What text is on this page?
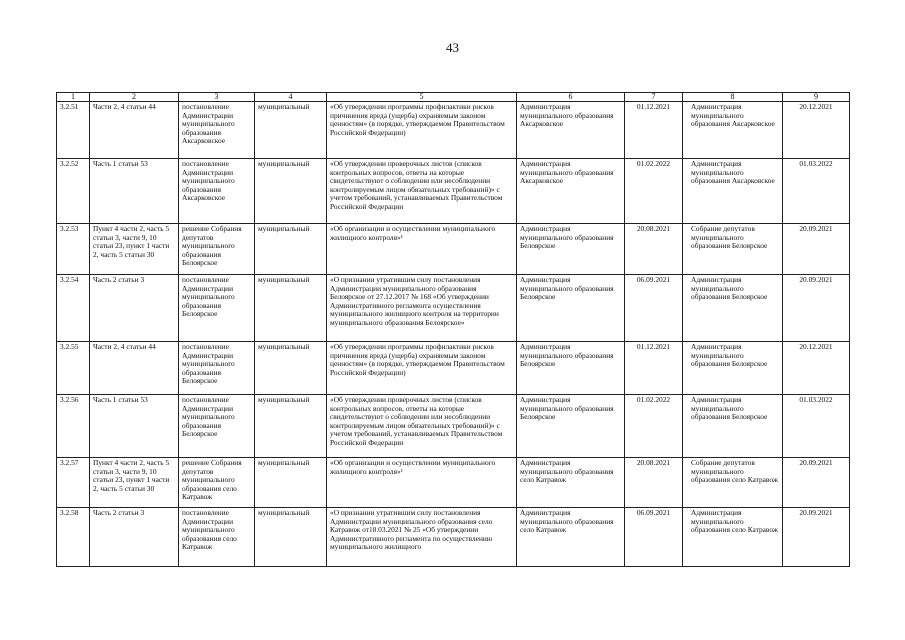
43
1	2	3	4	5	6	7	8	9
3.2.51	Части 2, 4 статьи 44	постановление Администрации муниципального образования Аксарковское	муниципальный	«Об утверждении программы профилактики рисков причинения вреда (ущерба) охраняемым законом ценностям» (в порядке, утверждаемом Правительством Российской Федерации)	Администрация муниципального образования Аксарковское	01.12.2021	Администрация муниципального образования Аксарковское	20.12.2021
3.2.52	Часть 1 статьи 53	постановление Администрации муниципального образования Аксарковское	муниципальный	«Об утверждении проверочных листов (списков контрольных вопросов, ответы на которые свидетельствуют о соблюдении или несоблюдении контролируемым лицом обязательных требований)» с учетом требований, устанавливаемых Правительством Российской Федерации	Администрация муниципального образования Аксарковское	01.02.2022	Администрация муниципального образования Аксарковское	01.03.2022
3.2.53	Пункт 4 части 2, часть 5 статьи 3, части 9, 10 статьи 23, пункт 1 части 2, часть 5 статьи 30	решение Собрания депутатов муниципального образования Белоярское	муниципальный	«Об организации и осуществлении муниципального жилищного контроля»¹	Администрация муниципального образования Белоярское	20.08.2021	Собрание депутатов муниципального образования Белоярское	20.09.2021
3.2.54	Часть 2 статьи 3	постановление Администрации муниципального образования Белоярское	муниципальный	«О признании утратившим силу постановления Администрации муниципального образования Белоярское от 27.12.2017 № 168 «Об утверждении Административного регламента осуществления муниципального жилищного контроля на территории муниципального образования Белоярское»	Администрация муниципального образования Белоярское	06.09.2021	Администрация муниципального образования Белоярское	20.09.2021
3.2.55	Части 2, 4 статьи 44	постановление Администрации муниципального образования Белоярское	муниципальный	«Об утверждении программы профилактики рисков причинения вреда (ущерба) охраняемым законом ценностям» (в порядке, утверждаемом Правительством Российской Федерации)	Администрация муниципального образования Белоярское	01.12.2021	Администрация муниципального образования Белоярское	20.12.2021
3.2.56	Часть 1 статьи 53	постановление Администрации муниципального образования Белоярское	муниципальный	«Об утверждении проверочных листов (списков контрольных вопросов, ответы на которые свидетельствуют о соблюдении или несоблюдении контролируемым лицом обязательных требований)» с учетом требований, устанавливаемых Правительством Российской Федерации	Администрация муниципального образования Белоярское	01.02.2022	Администрация муниципального образования Белоярское	01.03.2022
3.2.57	Пункт 4 части 2, часть 5 статьи 3, части 9, 10 статьи 23, пункт 1 части 2, часть 5 статьи 30	решение Собрания депутатов муниципального образования село Катравож	муниципальный	«Об организации и осуществлении муниципального жилищного контроля»¹	Администрация муниципального образования село Катравож	20.08.2021	Собрание депутатов муниципального образования село Катравож	20.09.2021
3.2.58	Часть 2 статьи 3	постановление Администрации муниципального образования село Катравож	муниципальный	«О признании утратившим силу постановления Администрации муниципального образования село Катравож от18.03.2021 № 25 «Об утверждении Административного регламента по осуществлению муниципального жилищного	Администрация муниципального образования село Катравож	06.09.2021	Администрация муниципального образования село Катравож	20.09.2021
